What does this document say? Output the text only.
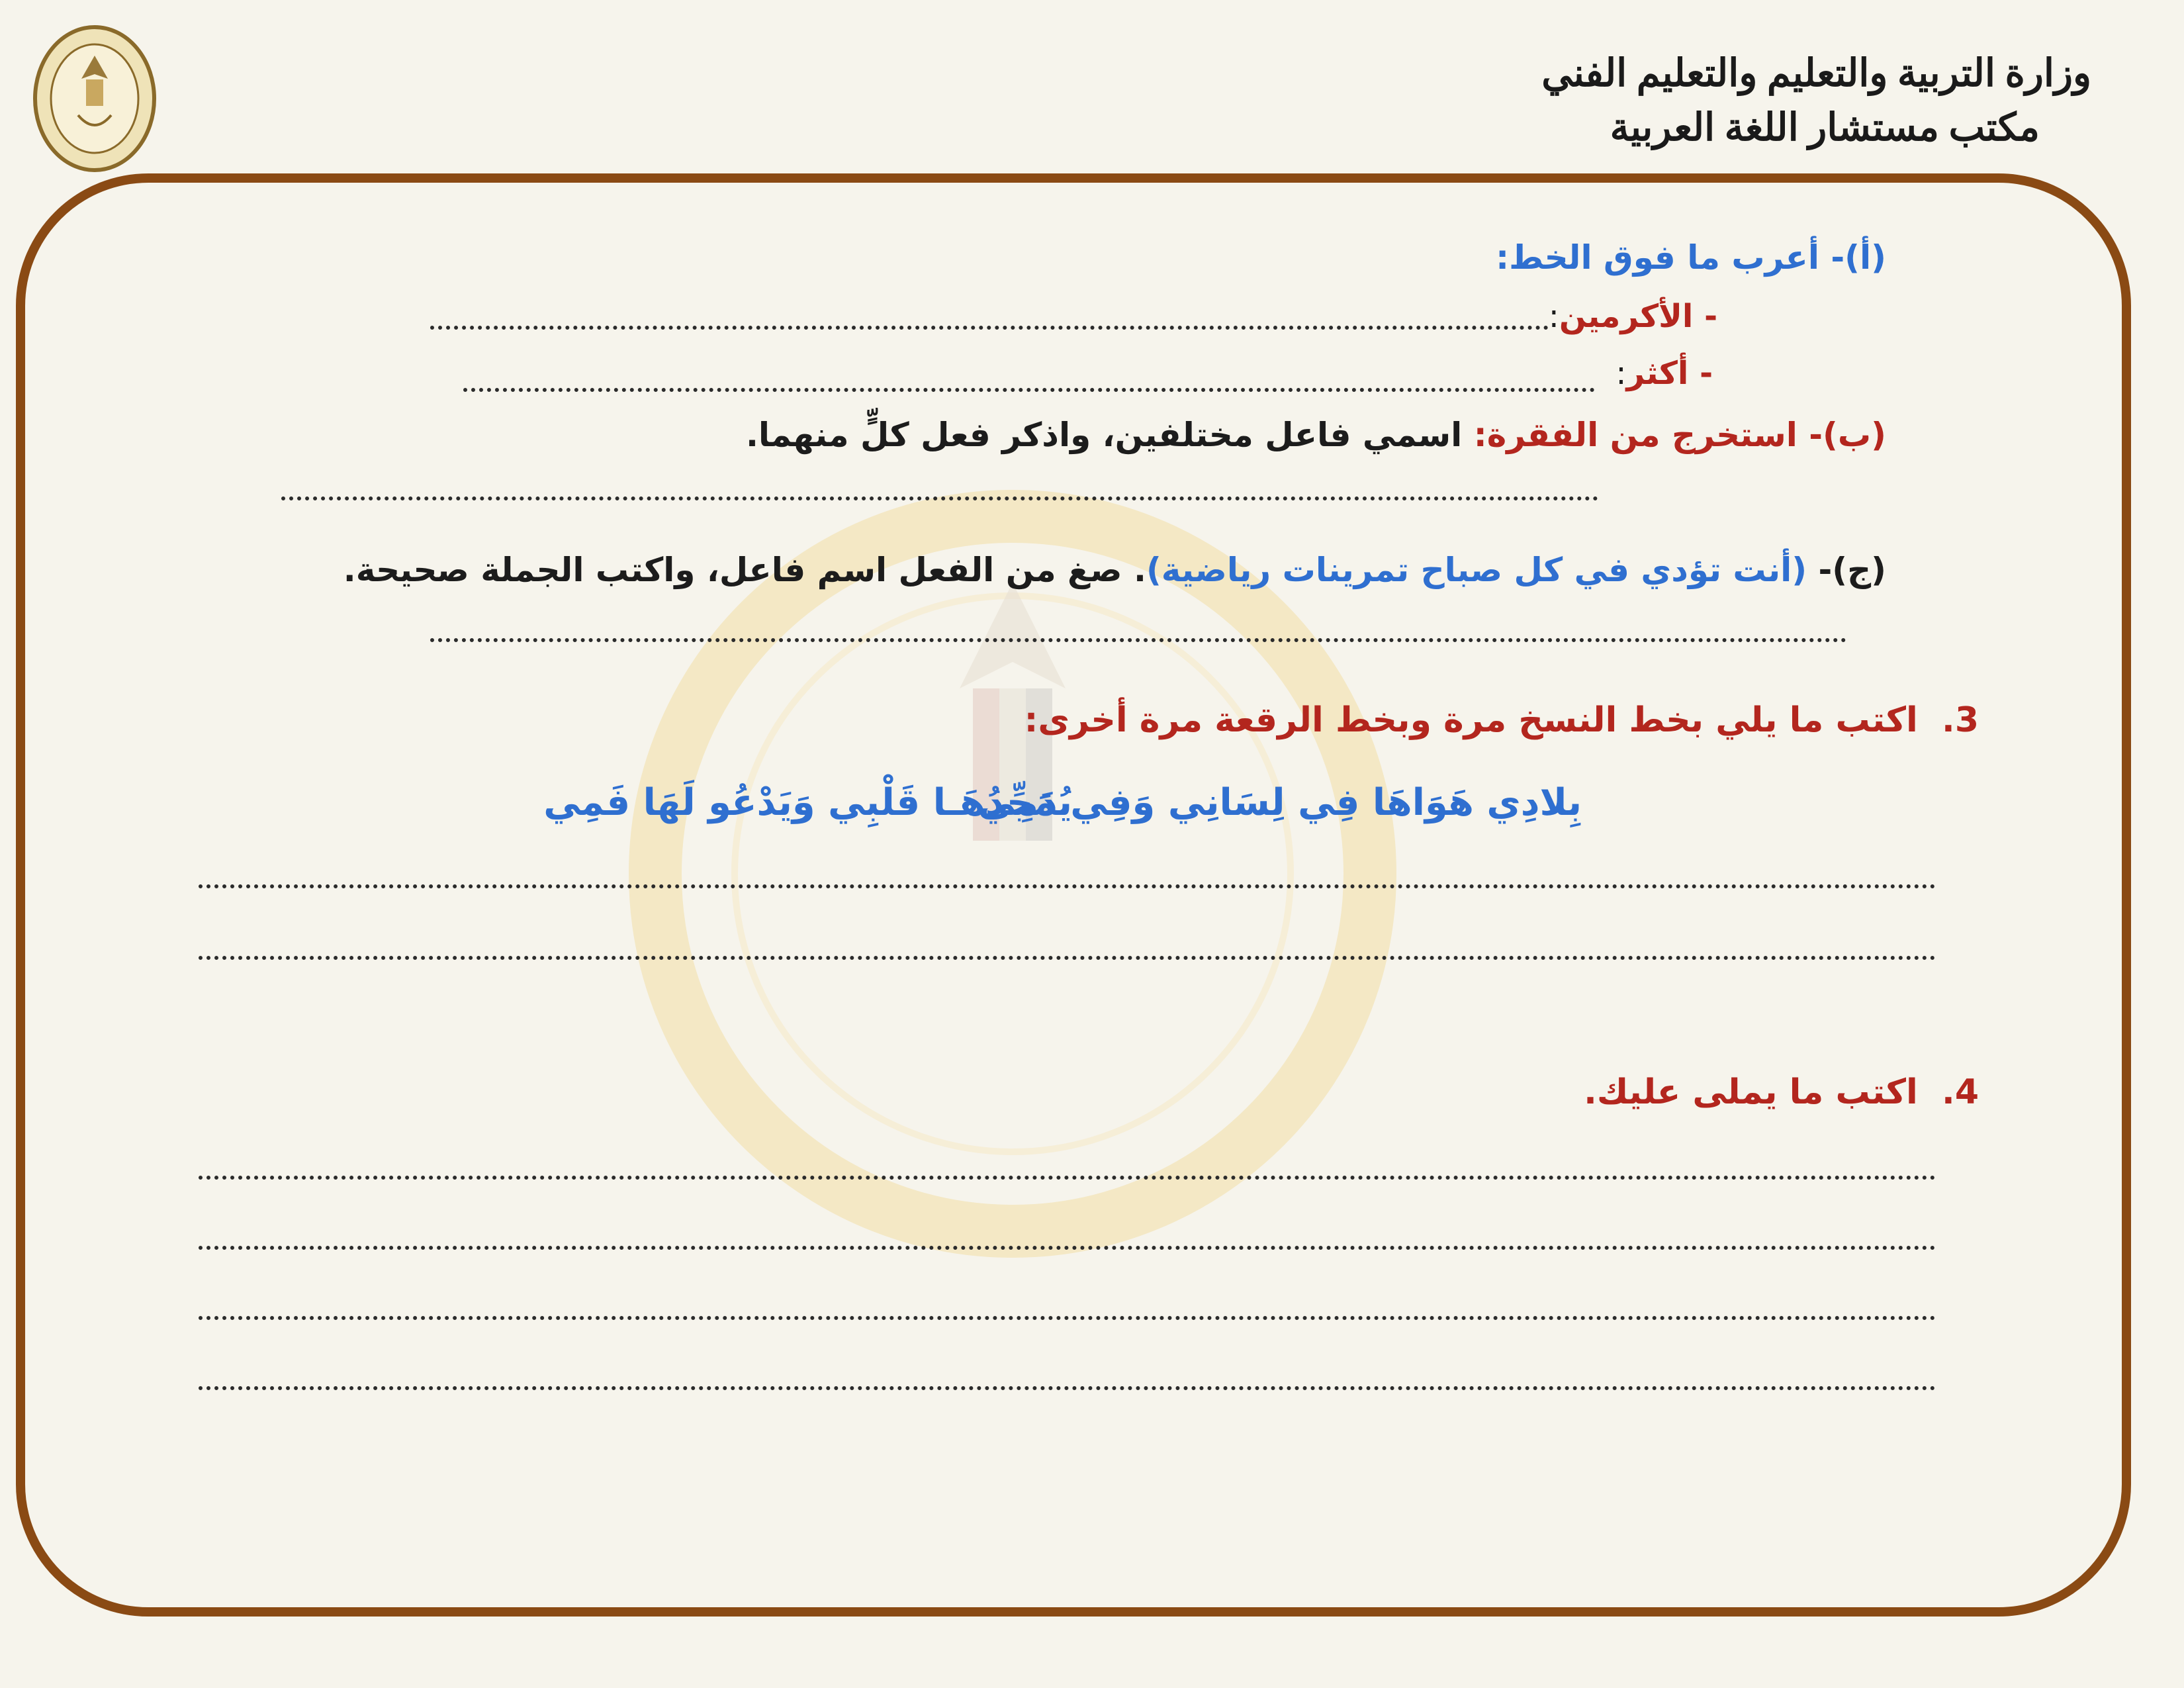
وزارة التربية والتعليم والتعليم الفني
مكتب مستشار اللغة العربية
(أ)- أعرب ما فوق الخط:
- الأكرمين:
- أكثر:
(ب)- استخرج من الفقرة: اسمي فاعل مختلفين، واذكر فعل كلٍّ منهما.
(ج)- (أنت تؤدي في كل صباح تمرينات رياضية). صغ من الفعل اسم فاعل، واكتب الجملة صحيحة.
3.  اكتب ما يلي بخط النسخ مرة وبخط الرقعة مرة أخرى:
بِلادِي هَوَاهَا فِي لِسَانِي وَفِي دَمِي
يُمَجِّدُهَـا قَلْبِي وَيَدْعُو لَهَا فَمِي
4.  اكتب ما يملى عليك.
